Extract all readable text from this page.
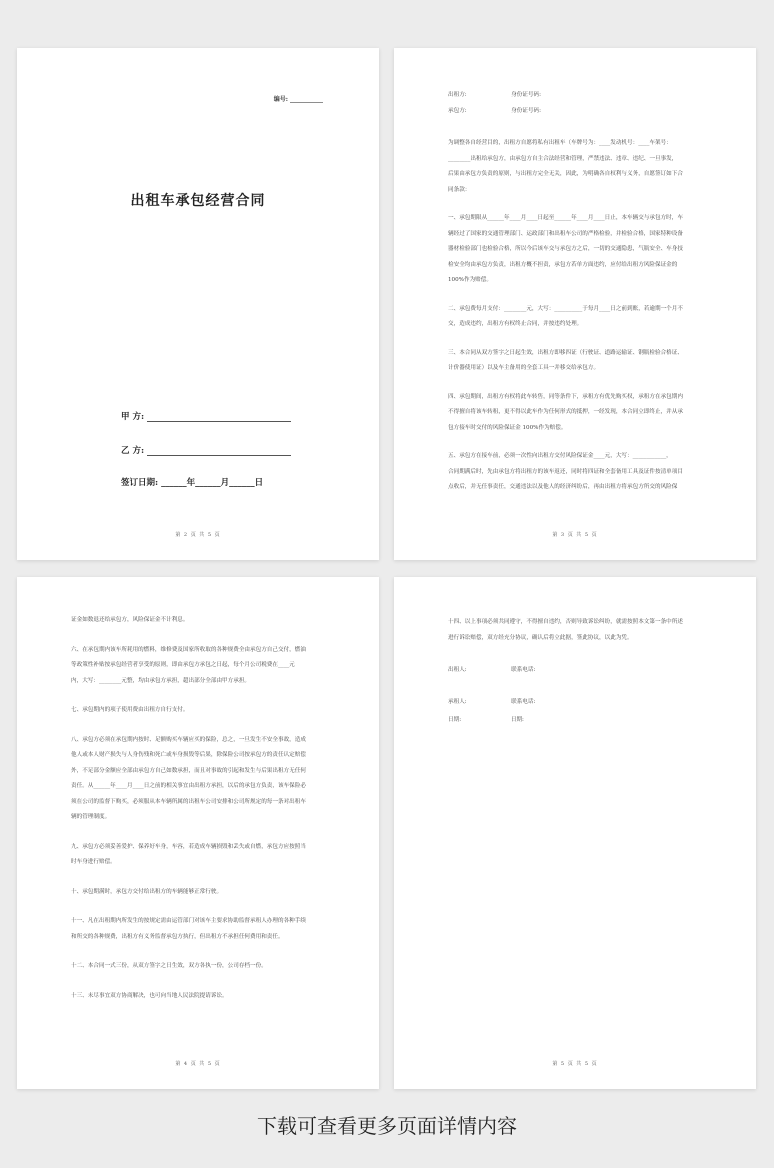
编号: ___________
出租车承包经营合同
甲 方:
乙 方:
签订日期: ______年______月______日
第 2 页 共 5 页
出租方:                         身份证号码:
承包方:                         身份证号码:
为调整各自经营目的，出租方自愿将私有出租车（车牌号为：____发动机号：____车架号：
________出租给承包方，由承包方自主合法经营和管理，严禁违法、违章、违纪、一旦事发，
后果由承包方负责的原则，与出租方完全无关，因此，为明确各自权利与义务，自愿签订如下合
同条款：
一、承包期限从______年____月____日起至______年____月____日止，本车辆交与承包方时，车
辆经过了国家的交通管理部门、运政部门和出租车公司的严格检验，并检验合格，国家特种设备
器材检验部门也检验合格，所以今后该车交与承包方之后，一切的交通隐患，气瓶安全、车身技
检安全均由承包方负责，出租方概不担责，承包方若单方面违约，应付给出租方风险保证金的
100%作为赔偿。
二、承包费每月支付：________元，大写：__________于每月____日之前到账，若逾期一个月不
交，造成违约，出租方有权终止合同，并按违约处理。
三、本合同从双方签字之日起生效，出租方即移四证（行驶证、道路运输证、钢瓶检验合格证、
计价器使用证）以及车主备用的全套工具一并移交给承包方。
四、承包期间，出租方有权将此车转售，同等条件下，承租方有优先购买权，承租方在承包期内
不得擅自将该车转租，更不得以此车作为任何形式的抵押，一经发现，本合同立即终止，并从承
包方接车时交付的风险保证金 100%作为赔偿。
五、承包方在接车前，必须一次性向出租方交付风险保证金____元，大写：____________，
合同期满后时，先由承包方将出租方的该车返还，同时将四证和全套备用工具及证件按清单项目
点收后，并无任事责任，交通违法以及他人的经济纠纷后，再由出租方将承包方所交的风险保
第 3 页 共 5 页
证金如数退还给承包方，风险保证金不计利息。
六、在承包期内该车所耗用的燃料，维修费及国家所收取的各种规费全由承包方自己交付，燃油
等政策性补贴按承包经营者享受的原则，即由承包方承包之日起，每个月公司税费在____元
内，大写：________元整，均由承包方承担，超出部分全部由甲方承担。
七、承包期内的项子使用费由出租方自行支付。
八、承包方必须在承包期内按时、足额购买车辆应买的保险，总之，一旦发生不安全事故，造成
他人或本人财产损失与人身伤残和死亡或车身损毁等后果，除保险公司按承包方的责任认定赔偿
外，不足部分金额应全部由承包方自己如数承担，而且对事故的引起和发生与后果出租方无任何
责任。从______年____月____日之前的相关事宜由出租方承担，以后的承包方负责，该车保险必
须在公司的监督下购买，必须服从本车辆所属的出租车公司安排和公司所规定的每一条对出租车
辆的管理制度。
九、承包方必须妥善爱护、保养好车身，车容，若造成车辆损毁和丢失或自燃，承包方应按照当
时车身进行赔偿。
十、承包期满时，承包方交付给出租方的车辆能够正常行驶。
十一、凡在出租期内所发生的按规定需由运管部门对该车主要求协助监督承租人办理的各种手续
和所交的各种规费，出租方有义务监督承包方执行，但出租方不承担任何费用和责任。
十二、本合同一式三份，从双方签字之日生效，双方各执一份，公司存档一份。
十三、未尽事宜双方协商解决，也可向当地人民法院提请诉讼。
第 4 页 共 5 页
十四、以上事项必须共同遵守，不得擅自违约，否则导致诉讼纠纷，就需按照本文第一条中所述
进行诉讼赔偿，双方经充分协议，确认后将立此据，签此协议，以此为凭。
出租人:                         联系电话:
承租人:                         联系电话:
日期:                            日期:
第 5 页 共 5 页
下载可查看更多页面详情内容
